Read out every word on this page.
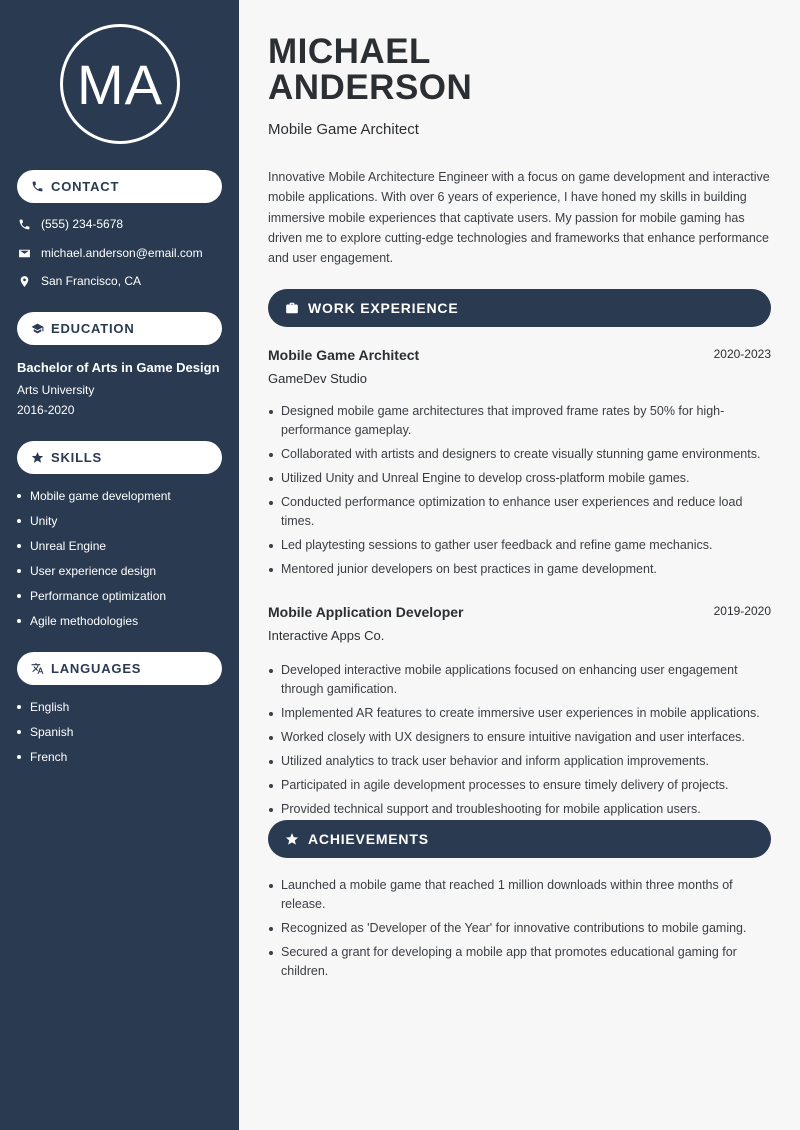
MA
CONTACT
(555) 234-5678
michael.anderson@email.com
San Francisco, CA
EDUCATION
Bachelor of Arts in Game Design
Arts University
2016-2020
SKILLS
Mobile game development
Unity
Unreal Engine
User experience design
Performance optimization
Agile methodologies
LANGUAGES
English
Spanish
French
MICHAEL
ANDERSON
Mobile Game Architect
Innovative Mobile Architecture Engineer with a focus on game development and interactive mobile applications. With over 6 years of experience, I have honed my skills in building immersive mobile experiences that captivate users. My passion for mobile gaming has driven me to explore cutting-edge technologies and frameworks that enhance performance and user engagement.
WORK EXPERIENCE
Mobile Game Architect	2020-2023
GameDev Studio
Designed mobile game architectures that improved frame rates by 50% for high-performance gameplay.
Collaborated with artists and designers to create visually stunning game environments.
Utilized Unity and Unreal Engine to develop cross-platform mobile games.
Conducted performance optimization to enhance user experiences and reduce load times.
Led playtesting sessions to gather user feedback and refine game mechanics.
Mentored junior developers on best practices in game development.
Mobile Application Developer	2019-2020
Interactive Apps Co.
Developed interactive mobile applications focused on enhancing user engagement through gamification.
Implemented AR features to create immersive user experiences in mobile applications.
Worked closely with UX designers to ensure intuitive navigation and user interfaces.
Utilized analytics to track user behavior and inform application improvements.
Participated in agile development processes to ensure timely delivery of projects.
Provided technical support and troubleshooting for mobile application users.
ACHIEVEMENTS
Launched a mobile game that reached 1 million downloads within three months of release.
Recognized as 'Developer of the Year' for innovative contributions to mobile gaming.
Secured a grant for developing a mobile app that promotes educational gaming for children.
